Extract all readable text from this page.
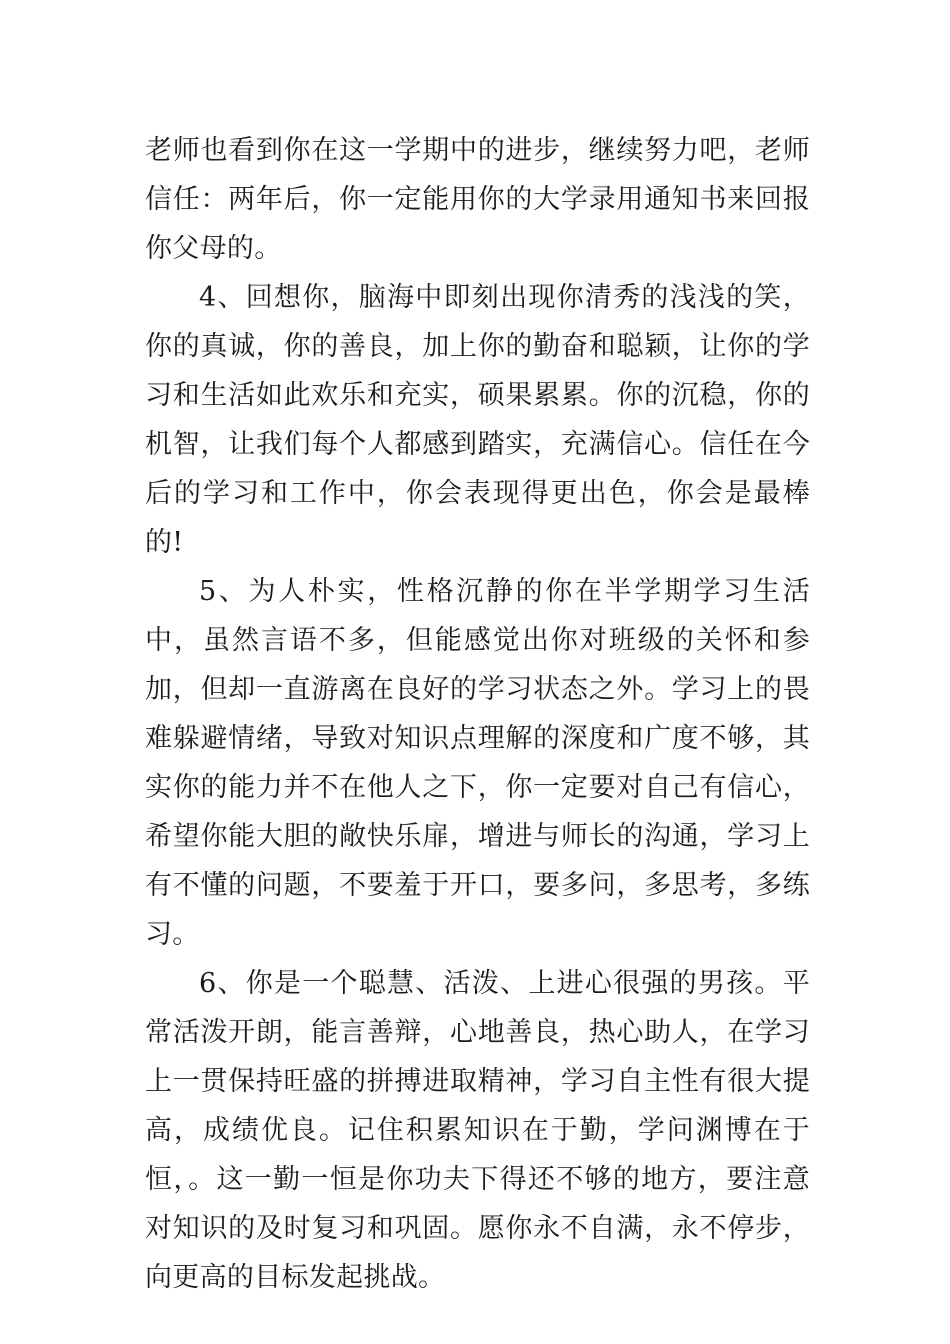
老师也看到你在这一学期中的进步，继续努力吧，老师信任：两年后，你一定能用你的大学录用通知书来回报你父母的。

4、回想你，脑海中即刻出现你清秀的浅浅的笑，你的真诚，你的善良，加上你的勤奋和聪颖，让你的学习和生活如此欢乐和充实，硕果累累。你的沉稳，你的机智，让我们每个人都感到踏实，充满信心。信任在今后的学习和工作中，你会表现得更出色，你会是最棒的!

5、为人朴实，性格沉静的你在半学期学习生活中，虽然言语不多，但能感觉出你对班级的关怀和参加，但却一直游离在良好的学习状态之外。学习上的畏难躲避情绪，导致对知识点理解的深度和广度不够，其实你的能力并不在他人之下，你一定要对自己有信心，希望你能大胆的敞快乐扉，增进与师长的沟通，学习上有不懂的问题，不要羞于开口，要多问，多思考，多练习。

6、你是一个聪慧、活泼、上进心很强的男孩。平常活泼开朗，能言善辩，心地善良，热心助人，在学习上一贯保持旺盛的拼搏进取精神，学习自主性有很大提高，成绩优良。记住积累知识在于勤，学问渊博在于恒，。这一勤一恒是你功夫下得还不够的地方，要注意对知识的及时复习和巩固。愿你永不自满，永不停步，向更高的目标发起挑战。
